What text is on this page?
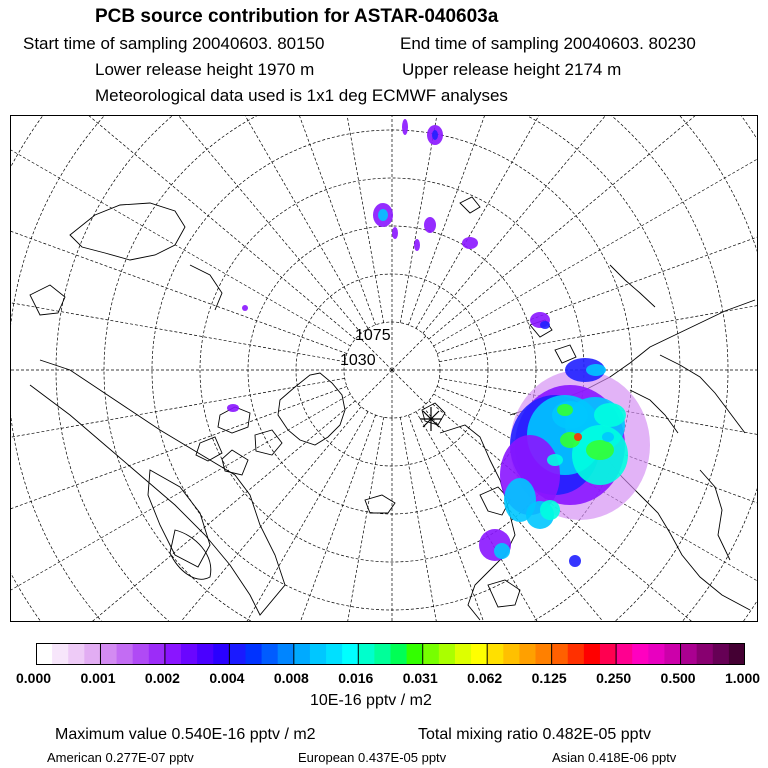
PCB source contribution for ASTAR-040603a
Start time of sampling 20040603. 80150	End time of sampling 20040603. 80230
Lower release height 1970 m	Upper release height 2174 m
Meteorological data used is 1x1 deg ECMWF analyses
1075
1030
0.000 0.001 0.002 0.004 0.008 0.016 0.031 0.062 0.125 0.250 0.500 1.000
10E-16 pptv / m2
Maximum value 0.540E-16 pptv / m2	Total mixing ratio 0.482E-05 pptv
American 0.277E-07 pptv	European 0.437E-05 pptv	Asian 0.418E-06 pptv
